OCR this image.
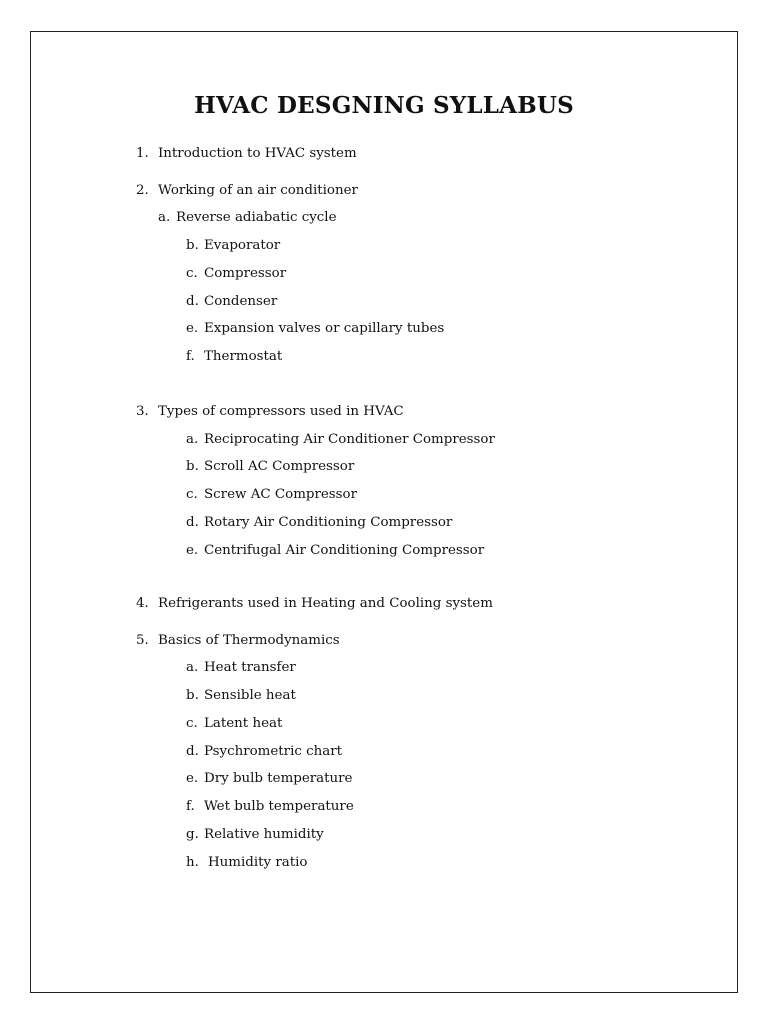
HVAC DESGNING SYLLABUS
1. Introduction to HVAC system
2. Working of an air conditioner
a. Reverse adiabatic cycle
b. Evaporator
c. Compressor
d. Condenser
e. Expansion valves or capillary tubes
f. Thermostat
3. Types of compressors used in HVAC
a. Reciprocating Air Conditioner Compressor
b. Scroll AC Compressor
c. Screw AC Compressor
d. Rotary Air Conditioning Compressor
e. Centrifugal Air Conditioning Compressor
4. Refrigerants used in Heating and Cooling system
5. Basics of Thermodynamics
a. Heat transfer
b. Sensible heat
c. Latent heat
d. Psychrometric chart
e. Dry bulb temperature
f. Wet bulb temperature
g. Relative humidity
h. Humidity ratio
